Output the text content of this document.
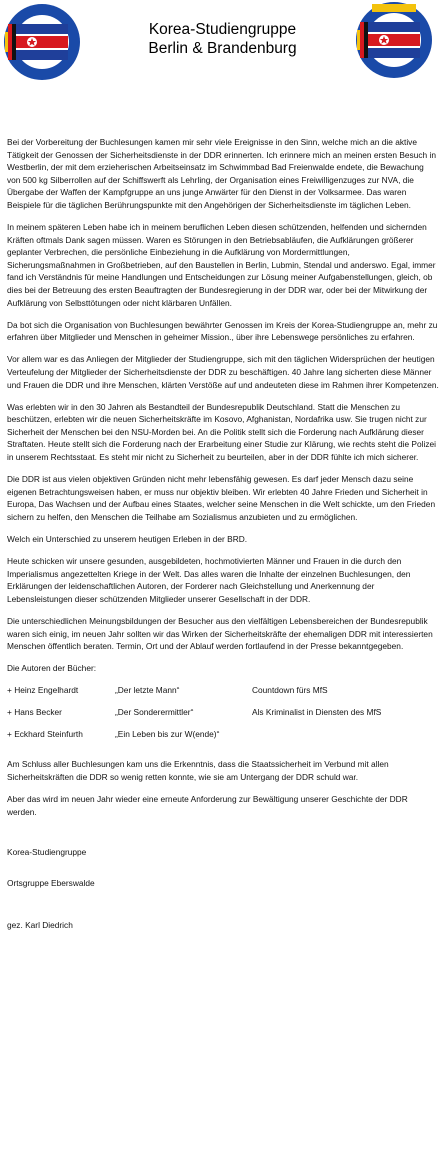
Korea-Studiengruppe
Berlin & Brandenburg

Bei der Vorbereitung der Buchlesungen kamen mir sehr viele Ereignisse in den Sinn, welche mich an die aktive Tätigkeit der Genossen der Sicherheitsdienste in der DDR erinnerten. Ich erinnere mich an meinen ersten Besuch in Westberlin, der mit dem erzieherischen Arbeitseinsatz im Schwimmbad Bad Freienwalde endete, die Bewachung von 500 kg Silberrollen auf der Schiffswerft als Lehrling, der Organisation eines Freiwilligenzuges zur NVA, die Übergabe der Waffen der Kampfgruppe an uns junge Anwärter für den Dienst in der Volksarmee. Das waren Beispiele für die täglichen Berührungspunkte mit den Angehörigen der Sicherheitsdienste im täglichen Leben.

In meinem späteren Leben habe ich in meinem beruflichen Leben diesen schützenden, helfenden und sichernden Kräften oftmals Dank sagen müssen. Waren es Störungen in den Betriebsabläufen, die Aufklärungen größerer geplanter Verbrechen, die persönliche Einbeziehung in die Aufklärung von Mordermittlungen, Sicherungsmaßnahmen in Großbetrieben, auf den Baustellen in Berlin, Lubmin, Stendal und anderswo. Egal, immer fand ich Verständnis für meine Handlungen und Entscheidungen zur Lösung meiner Aufgabenstellungen, gleich, ob dies bei der Betreuung des ersten Beauftragten der Bundesregierung in der DDR war, oder bei der Mitwirkung der Aufklärung von Selbsttötungen oder nicht klärbaren Unfällen.

Da bot sich die Organisation von Buchlesungen bewährter Genossen im Kreis der Korea-Studiengruppe an, mehr zu erfahren über Mitglieder und Menschen in geheimer Mission., über ihre Lebenswege persönliches zu erfahren.

Vor allem war es das Anliegen der Mitglieder der Studiengruppe, sich mit den täglichen Widersprüchen der heutigen Verteufelung der Mitglieder der Sicherheitsdienste der DDR zu beschäftigen. 40 Jahre lang sicherten diese Männer und Frauen die DDR und ihre Menschen, klärten Verstöße auf und andeuteten diese im Rahmen ihrer Kompetenzen.

Was erlebten wir in den 30 Jahren als Bestandteil der Bundesrepublik Deutschland. Statt die Menschen zu beschützen, erlebten wir die neuen Sicherheitskräfte im Kosovo, Afghanistan, Nordafrika usw. Sie trugen nicht zur Sicherheit der Menschen bei den NSU-Morden bei. An die Politik stellt sich die Forderung nach Aufklärung dieser Straftaten. Heute stellt sich die Forderung nach der Erarbeitung einer Studie zur Klärung, wie rechts steht die Polizei in unserem Rechtsstaat. Es steht mir nicht zu Sicherheit zu beurteilen, aber in der DDR fühlte ich mich sicherer.

Die DDR ist aus vielen objektiven Gründen nicht mehr lebensfähig gewesen. Es darf jeder Mensch dazu seine eigenen Betrachtungsweisen haben, er muss nur objektiv bleiben. Wir erlebten 40 Jahre Frieden und Sicherheit in Europa, Das Wachsen und der Aufbau eines Staates, welcher seine Menschen in die Welt schickte, um den Frieden sichern zu helfen, den Menschen die Teilhabe am Sozialismus anzubieten und zu ermöglichen.

Welch ein Unterschied zu unserem heutigen Erleben in der BRD.

Heute schicken wir unsere gesunden, ausgebildeten, hochmotivierten Männer und Frauen in die durch den Imperialismus angezettelten Kriege in der Welt. Das alles waren die Inhalte der einzelnen Buchlesungen, den Erklärungen der leidenschaftlichen Autoren, der Forderer nach Gleichstellung und Anerkennung der Lebensleistungen dieser schützenden Mitglieder unserer Gesellschaft in der DDR.

Die unterschiedlichen Meinungsbildungen der Besucher aus den vielfältigen Lebensbereichen der Bundesrepublik waren sich einig, im neuen Jahr sollten wir das Wirken der Sicherheitskräfte der ehemaligen DDR mit interessierten Menschen öffentlich beraten. Termin, Ort und der Ablauf werden fortlaufend in der Presse bekanntgegeben.

Die Autoren der Bücher:

+ Heinz Engelhardt	„Der letzte Mann“	Countdown fürs MfS
+ Hans Becker	„Der Sonderermittler“	Als Kriminalist in Diensten des MfS
+ Eckhard Steinfurth	„Ein Leben bis zur W(ende)“

Am Schluss aller Buchlesungen kam uns die Erkenntnis, dass die Staatssicherheit im Verbund mit allen Sicherheitskräften die DDR so wenig retten konnte, wie sie am Untergang der DDR schuld war.

Aber das wird im neuen Jahr wieder eine erneute Anforderung zur Bewältigung unserer Geschichte der DDR werden.

Korea-Studiengruppe

Ortsgruppe Eberswalde

gez. Karl Diedrich
